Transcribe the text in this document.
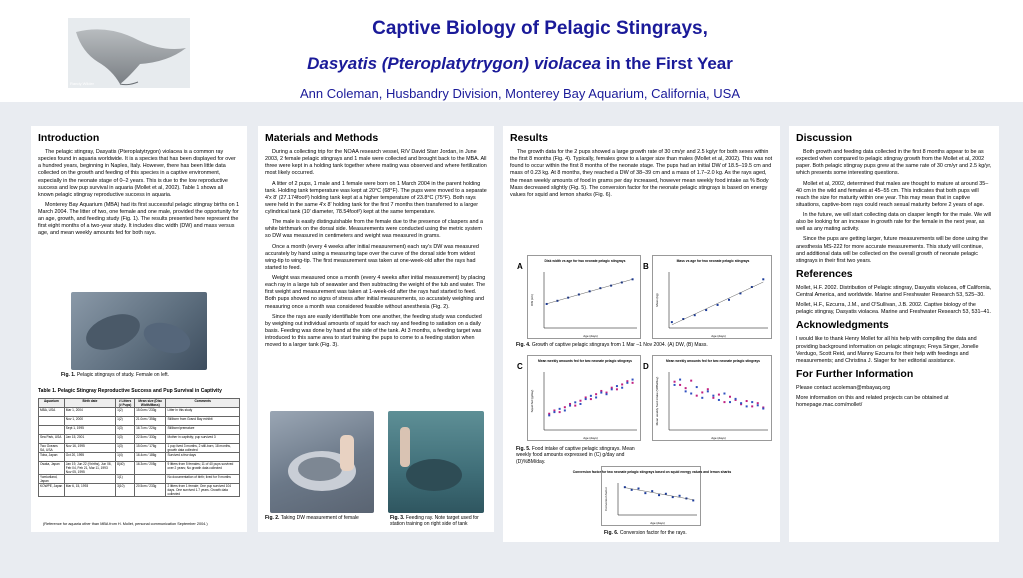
Randy Wilder
Captive Biology of Pelagic Stingrays,
Dasyatis (Pteroplatytrygon) violacea in the First Year
Ann Coleman, Husbandry Division, Monterey Bay Aquarium, California, USA
Introduction

The pelagic stingray, Dasyatis (Pteroplatytrygon) violacea is a common ray species found in aquaria worldwide. It is a species that has been displayed for over a hundred years, beginning in Naples, Italy. However, there has been little data collected on the growth and feeding of this species in a captive environment, especially in the neonate stage of 0–2 years. This is due to the low reproductive success and low pup survival in aquaria (Mollet et al, 2002). Table 1 shows all known pelagic stingray reproductive success in aquaria.

Monterey Bay Aquarium (MBA) had its first successful pelagic stingray births on 1 March 2004. The litter of two, one female and one male, provided the opportunity for an age, growth, and feeding study (Fig. 1). The results presented here represent the first eight months of a two-year study. It includes disc width (DW) and mass versus age, and mean weekly amounts fed for both rays.

Fig. 1. Pelagic stingrays of study. Female on left.
Table 1. Pelagic Stingray Reproductive Success and Pup Survival in Captivity
Aquarium	Birth date	# Litters (# Pups)	Mean size (Disc Width/Mass)	Comments
MBA, USA	Mar 1, 2004	1(2)	15.0cm / 233g	Litter in this study
	Nov 1, 2000	1(2)	21.0cm / 356g	Stillborn from Grand Bay exhibit
	Sept 1, 1995	1(3)	16.7cm / 224g	Stillborn/premature
Sea Park, USA	Jan 15, 2001	1(3)	22.5cm / 330g	Mother in captivity; pup survived 3
Two Oceans SA, USA	Nov 16, 1995	1(3)	15.0cm / 176g	1 pup lived 3 months, 2 still-born, 18 months, growth data collected
Toba, Japan	Oct 20, 1995	1(4)	16.4cm / 186g	Survived a few days
Osaka, Japan	Jan 19, Jun 22 (f births), Jun 06, Feb 04, Feb 21, Mar 11, 1993 Nov 05, 1995	8(40)	16.3cm / 205g	9 litters from 5 females; 11 of 40 pups survived over 2 years; No growth data collected
Yomiuriland, Japan		1(1)		No documentation of birth; lived for 9 months
KOWPE, Japan	Mar 6, 15, 1993	3(10)	20.5cm / 233g	2 litters from 1 female; One pup survived 104 days. One survived 1.7 years. Growth data collected
(Reference for aquaria other than MBA from H. Mollet, personal communication September 2004.)
Materials and Methods

During a collecting trip for the NOAA research vessel, R/V David Starr Jordan, in June 2003, 2 female pelagic stingrays and 1 male were collected and brought back to the MBA. All three were kept in a holding tank together where mating was observed and where fertilization most likely occurred.

A litter of 2 pups, 1 male and 1 female were born on 1 March 2004 in the parent holding tank. Holding tank temperature was kept at 20°C (68°F). The pups were moved to a separate 4'x 8' (27.174foot²) holding tank kept at a higher temperature of 23.8°C (75°F). Both rays were held in the same 4'x 8' holding tank for the first 7 months then transferred to a larger cylindrical tank (10' diameter, 78.54foot²) kept at the same temperature.

The male is easily distinguishable from the female due to the presence of claspers and a white birthmark on the dorsal side. Measurements were conducted using the metric system so DW was measured in centimeters and weight was measured in grams.

Once a month (every 4 weeks after initial measurement) each ray's DW was measured accurately by hand using a measuring tape over the curve of the dorsal side from widest wing-tip to wing-tip. The first measurement was taken at one-week-old after the rays had started to feed.

Weight was measured once a month (every 4 weeks after initial measurement) by placing each ray in a large tub of seawater and then subtracting the weight of the tub and water. The first weight and measurement was taken at 1-week-old after the rays had started to feed. Both pups showed no signs of stress after initial measurements, so accurately weighing and measuring once a month was considered feasible without anesthesia (Fig. 2).

Since the rays are easily identifiable from one another, the feeding study was conducted by weighing out individual amounts of squid for each ray and feeding to satiation on a daily basis. Feeding was done by hand at the side of the tank. At 3 months, a feeding target was introduced to this same area to start training the pups to come to a feeding station when moved to a larger tank (Fig. 3).

Fig. 2. Taking DW measurement of female	Fig. 3. Feeding ray. Note target used for station training on right side of tank
Results

The growth data for the 2 pups showed a large growth rate of 30 cm/yr and 2.5 kg/yr for both sexes within the first 8 months (Fig. 4). Typically, females grow to a larger size than males (Mollet et al, 2002). This was not found to occur within the first 8 months of the neonate stage. The pups had an initial DW of 18.5–19.5 cm and mass of 0.23 kg. At 8 months, they reached a DW of 38–39 cm and a mass of 1.7–2.0 kg. As the rays aged, the mean weekly amounts of food in grams per day increased, however mean weekly food intake as % Body Mass decreased slightly (Fig. 5). The conversion factor for the neonate pelagic stingrays is based on energy values for squid and lemon sharks (Fig. 6).

A	B
C	D
Disk width vs age for two neonate pelagic stingrays
Age (days)
DW (cm)
Mass vs age for two neonate pelagic stingrays
Age (days)
Mass (kg)
Fig. 4. Growth of captive pelagic stingrays from 1 Mar –1 Nov 2004. (A) DW, (B) Mass.
Mean weekly amounts fed for two neonate pelagic stingrays
Age (days)
Squid fed (g/day)
Mean weekly amounts fed for two neonate pelagic stingrays
Age (days)
Mean weekly food intake (%BM/day)
Fig. 5. Food intake of captive pelagic stingrays. Mean weekly food amounts expressed in (C) g/day and (D)%BM/day.
Conversion factor for two neonate pelagic stingrays based on squid energy values and lemon sharks
Age (days)
Conversion factor
Fig. 6. Conversion factor for the rays.
Discussion

Both growth and feeding data collected in the first 8 months appear to be as expected when compared to pelagic stingray growth from the Mollet et al, 2002 paper. Both pelagic stingray pups grew at the same rate of 30 cm/yr and 2.5 kg/yr, which presents some interesting questions.

Mollet et al, 2002, determined that males are thought to mature at around 35–40 cm in the wild and females at 45–55 cm. This indicates that both pups will reach the size for maturity within one year. This may mean that in captive situations, captive-born rays could reach sexual maturity before 2 years of age.

In the future, we will start collecting data on clasper length for the male. We will also be looking for an increase in growth rate for the female in the next year, as well as any mating activity.

Since the pups are getting larger, future measurements will be done using the anesthesia MS-222 for more accurate measurements. This study will continue, and additional data will be collected on the overall growth of neonate pelagic stingrays in their first two years.

References

Mollet, H.F. 2002. Distribution of Pelagic stingray, Dasyatis violacea, off California, Central America, and worldwide. Marine and Freshwater Research 53, 525–30.

Mollet, H.F., Ezcurra, J.M., and O'Sullivan, J.B. 2002. Captive biology of the pelagic stingray, Dasyatis violacea. Marine and Freshwater Research 53, 531–41.

Acknowledgments

I would like to thank Henry Mollet for all his help with compiling the data and providing background information on pelagic stingrays; Freya Singer, Jonelle Verdugo, Scott Reid, and Manny Ezcurra for their help with feedings and measurements; and Christina J. Slager for her editorial assistance.

For Further Information

Please contact acoleman@mbayaq.org

More information on this and related projects can be obtained at homepage.mac.com/mollet/
